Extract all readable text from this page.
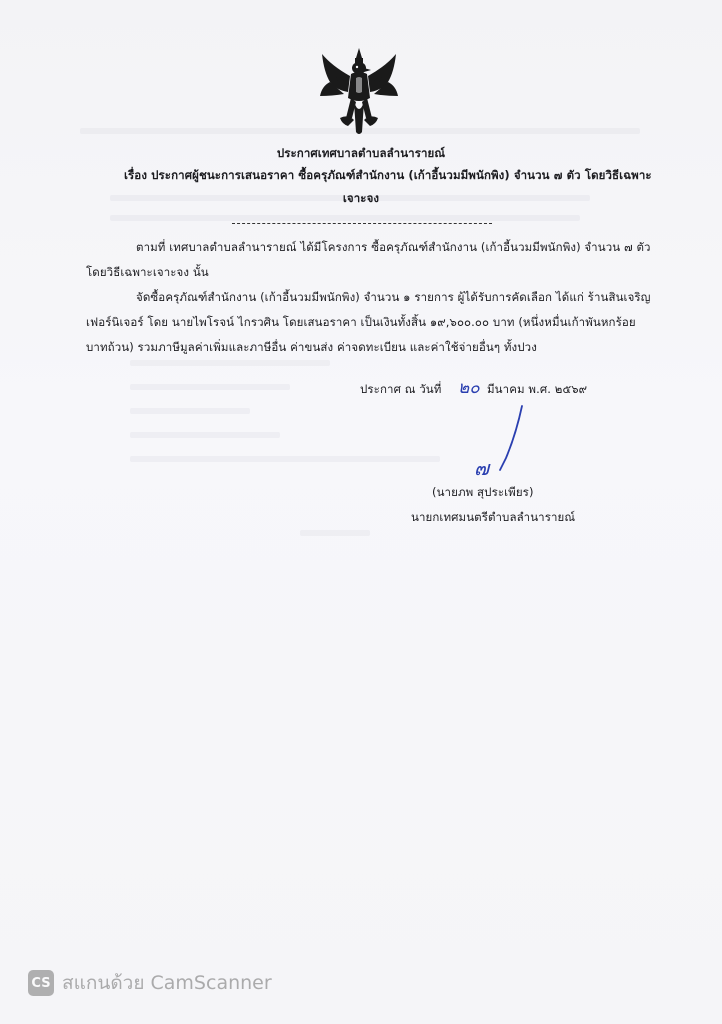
ประกาศเทศบาลตำบลลำนารายณ์
เรื่อง ประกาศผู้ชนะการเสนอราคา ซื้อครุภัณฑ์สำนักงาน (เก้าอี้นวมมีพนักพิง) จำนวน ๗ ตัว โดยวิธีเฉพาะ
เจาะจง
ตามที่ เทศบาลตำบลลำนารายณ์ ได้มีโครงการ ซื้อครุภัณฑ์สำนักงาน (เก้าอี้นวมมีพนักพิง) จำนวน ๗ ตัว
โดยวิธีเฉพาะเจาะจง นั้น
จัดซื้อครุภัณฑ์สำนักงาน (เก้าอี้นวมมีพนักพิง) จำนวน ๑ รายการ ผู้ได้รับการคัดเลือก ได้แก่ ร้านสินเจริญ
เฟอร์นิเจอร์ โดย นายไพโรจน์ ไกรวศิน โดยเสนอราคา เป็นเงินทั้งสิ้น ๑๙,๖๐๐.๐๐ บาท (หนึ่งหมื่นเก้าพันหกร้อย
บาทถ้วน) รวมภาษีมูลค่าเพิ่มและภาษีอื่น ค่าขนส่ง ค่าจดทะเบียน และค่าใช้จ่ายอื่นๆ ทั้งปวง
ประกาศ ณ วันที่ ๒๐ มีนาคม พ.ศ. ๒๕๖๙
๗
(นายภพ สุประเพียร)
นายกเทศมนตรีตำบลลำนารายณ์
CS สแกนด้วย CamScanner
